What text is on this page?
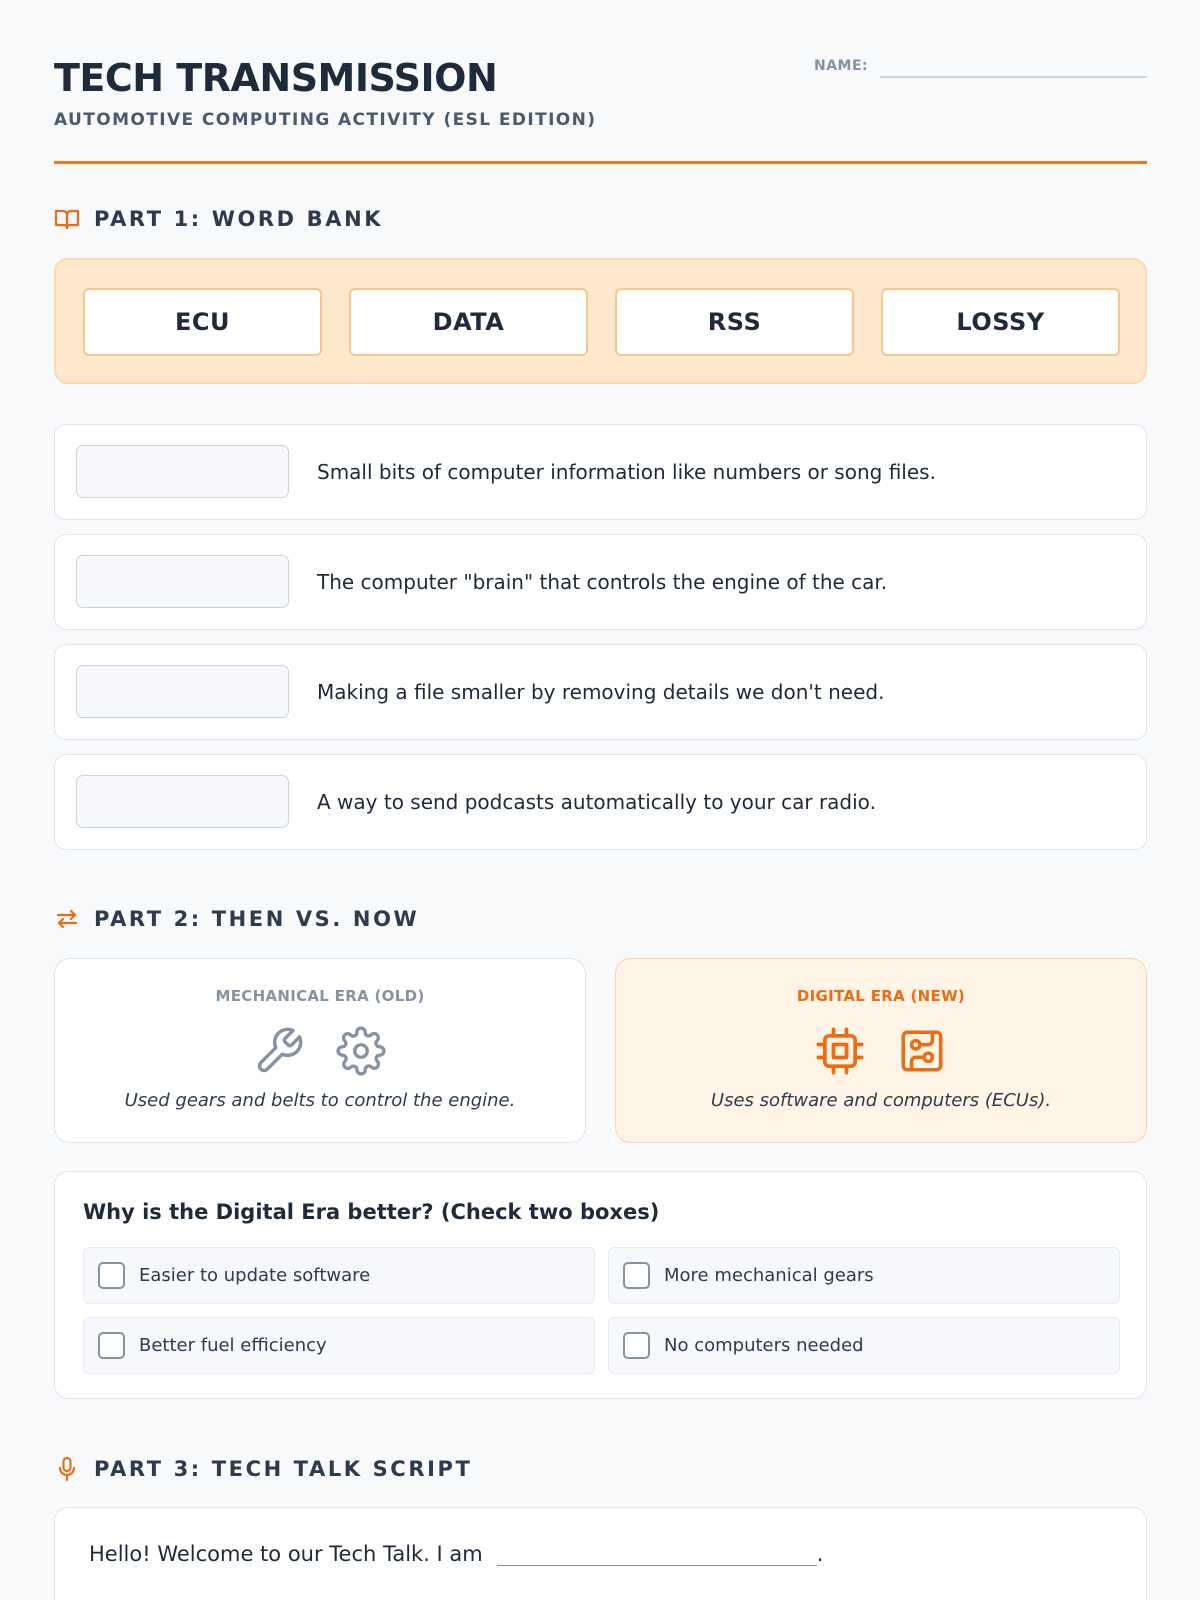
TECH TRANSMISSION
AUTOMOTIVE COMPUTING ACTIVITY (ESL EDITION)
NAME:
PART 1: WORD BANK
ECU	DATA	RSS	LOSSY
Small bits of computer information like numbers or song files.
The computer "brain" that controls the engine of the car.
Making a file smaller by removing details we don't need.
A way to send podcasts automatically to your car radio.
PART 2: THEN VS. NOW
MECHANICAL ERA (OLD)
Used gears and belts to control the engine.
DIGITAL ERA (NEW)
Uses software and computers (ECUs).
Why is the Digital Era better? (Check two boxes)
Easier to update software	More mechanical gears
Better fuel efficiency	No computers needed
PART 3: TECH TALK SCRIPT
Hello! Welcome to our Tech Talk. I am	.
